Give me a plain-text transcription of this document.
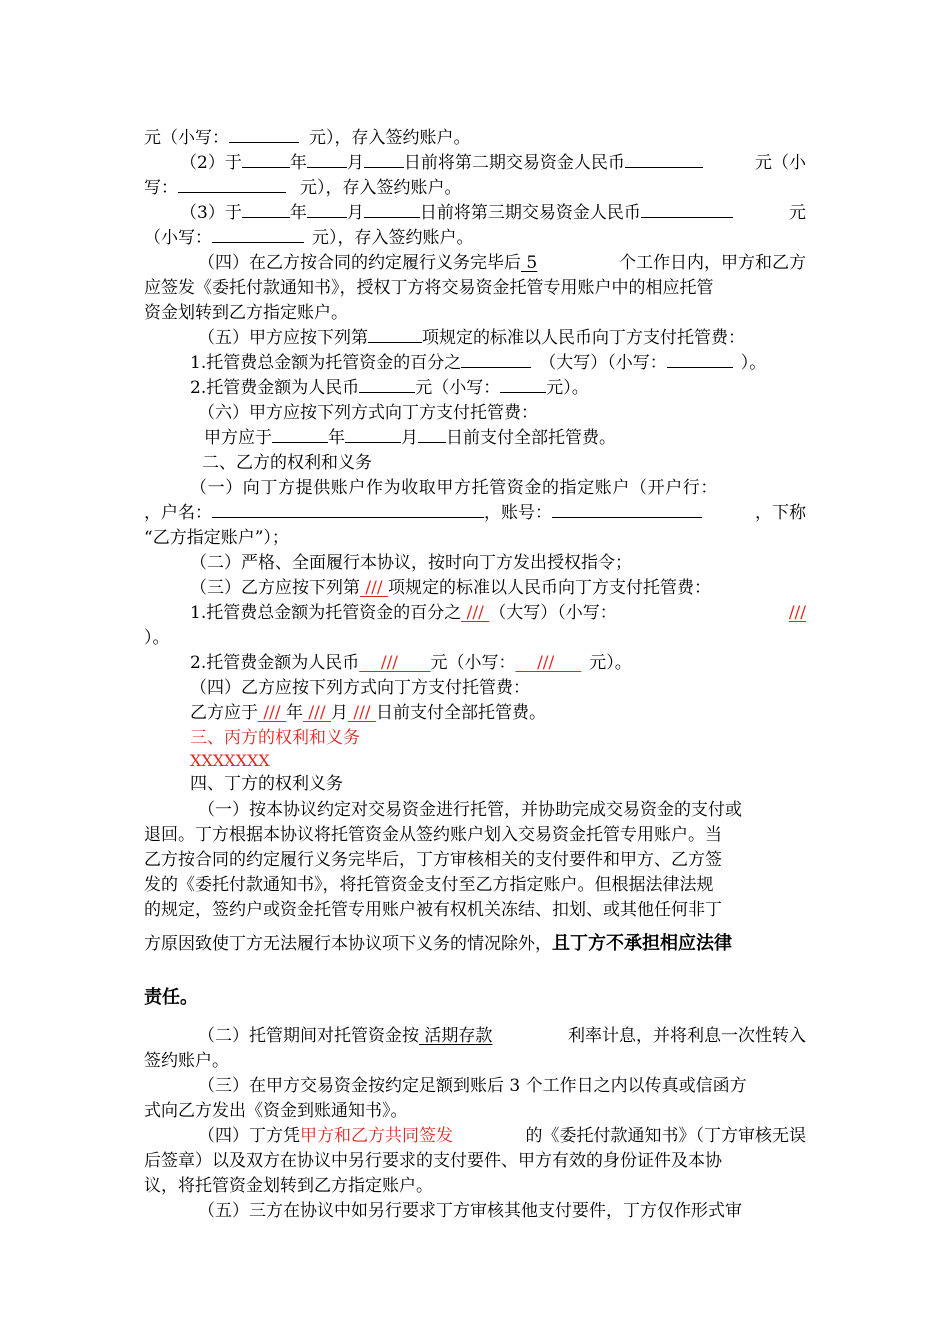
元（小写：	元），存入签约账户。
（2）于	年 月 日前将第二期交易资金人民币	元（小
写：	元），存入签约账户。
（3）于	年 月	日前将第三期交易资金人民币	元
（小写：	元），存入签约账户。
（四）在乙方按合同的约定履行义务完毕后 5	个工作日内，甲方和乙方
应签发《委托付款通知书》，授权丁方将交易资金托管专用账户中的相应托管
资金划转到乙方指定账户。
（五）甲方应按下列第	项规定的标准以人民币向丁方支付托管费：
1.托管费总金额为托管资金的百分之	（大写）（小写：	）。
2.托管费金额为人民币	元（小写：	元）。
（六）甲方应按下列方式向丁方支付托管费：
甲方应于	年	月 日前支付全部托管费。
二、乙方的权利和义务
（一）向丁方提供账户作为收取甲方托管资金的指定账户（开户行：
，户名：	，账号：	，下称
“乙方指定账户”）；
（二）严格、全面履行本协议，按时向丁方发出授权指令；
（三）乙方应按下列第 /// 项规定的标准以人民币向丁方支付托管费：
1.托管费总金额为托管资金的百分之 /// （大写）（小写：	///
）。
2.托管费金额为人民币    ///      元（小写：    ///     元）。
（四）乙方应按下列方式向丁方支付托管费：
乙方应于 /// 年 /// 月 /// 日前支付全部托管费。
三、丙方的权利和义务
XXXXXXX
四、丁方的权利义务
（一）按本协议约定对交易资金进行托管，并协助完成交易资金的支付或
退回。丁方根据本协议将托管资金从签约账户划入交易资金托管专用账户。当
乙方按合同的约定履行义务完毕后，丁方审核相关的支付要件和甲方、乙方签
发的《委托付款通知书》，将托管资金支付至乙方指定账户。但根据法律法规
的规定，签约户或资金托管专用账户被有权机关冻结、扣划、或其他任何非丁
方原因致使丁方无法履行本协议项下义务的情况除外，且丁方不承担相应法律
责任。
（二）托管期间对托管资金按 活期存款	利率计息，并将利息一次性转入
签约账户。
（三）在甲方交易资金按约定足额到账后 3 个工作日之内以传真或信函方
式向乙方发出《资金到账通知书》。
（四）丁方凭甲方和乙方共同签发	的《委托付款通知书》（丁方审核无误
后签章）以及双方在协议中另行要求的支付要件、甲方有效的身份证件及本协
议，将托管资金划转到乙方指定账户。
（五）三方在协议中如另行要求丁方审核其他支付要件，丁方仅作形式审
